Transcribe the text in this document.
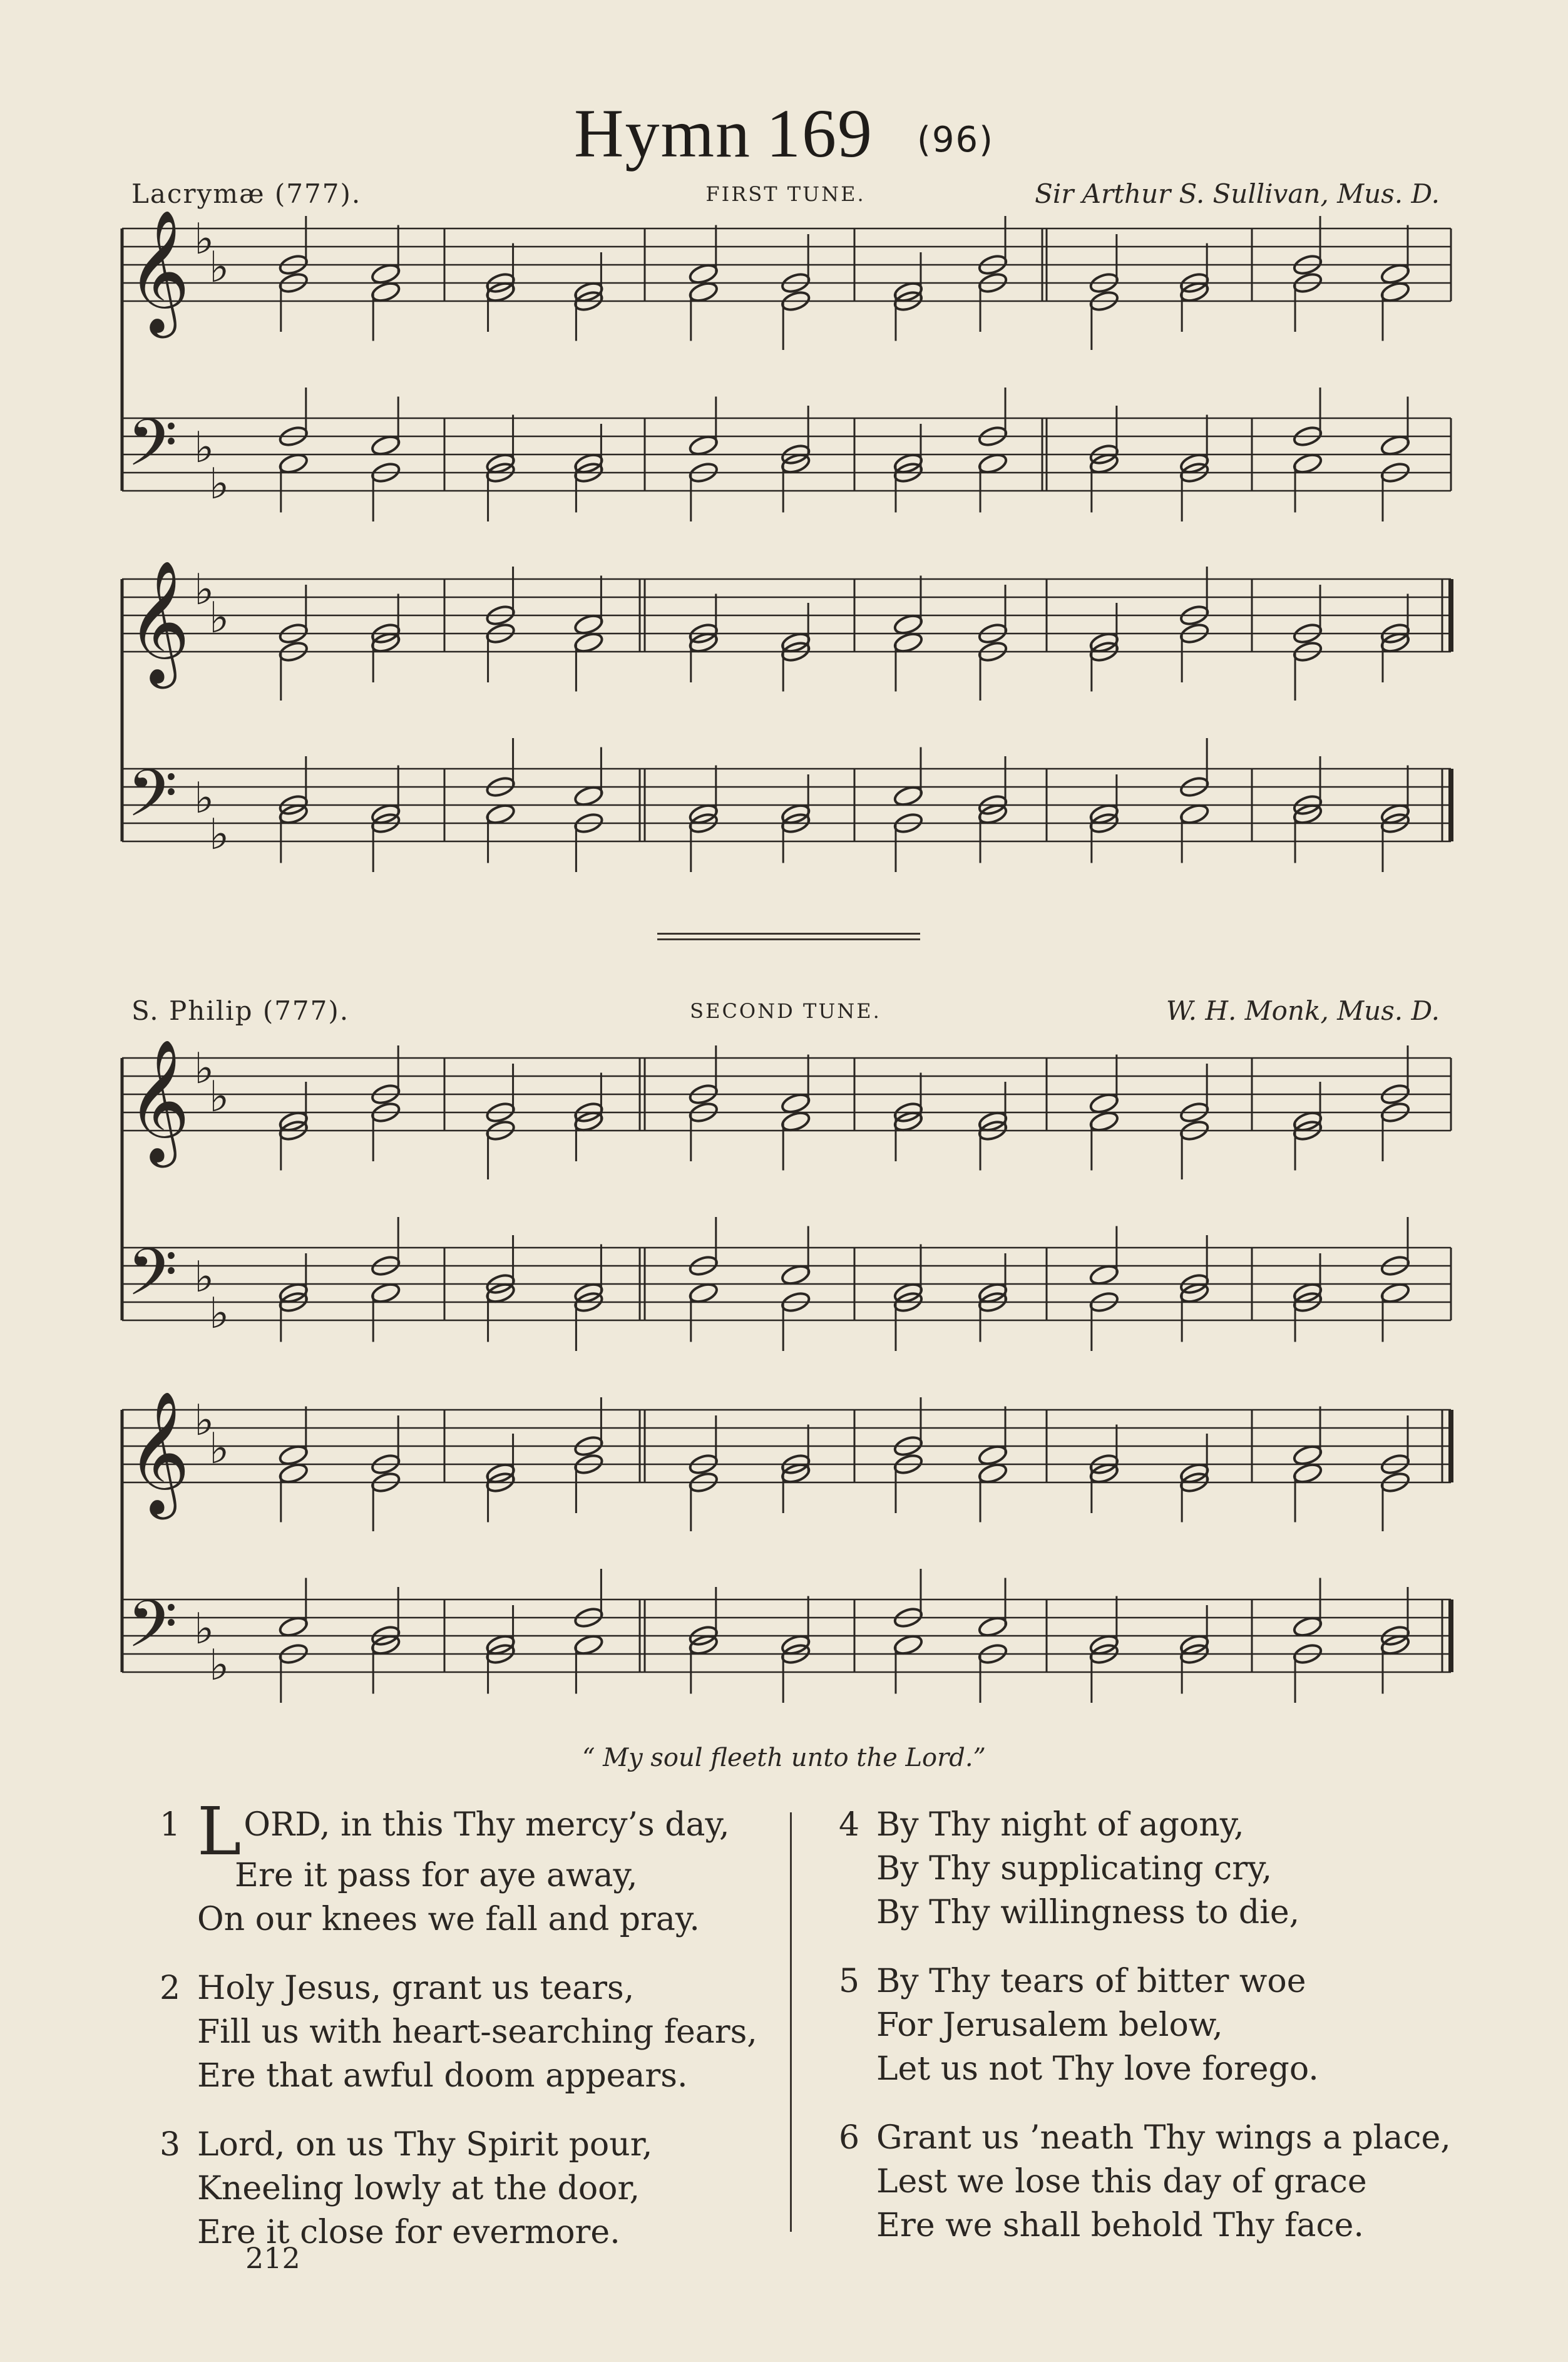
Hymn 169 (96)
Lacrymæ (777).	FIRST TUNE.	Sir Arthur S. Sullivan, Mus. D.
S. Philip (777).	SECOND TUNE.	W. H. Monk, Mus. D.
𝄞
𝄢
♭
♭
♭
♭
𝄞
𝄢
♭
♭
♭
♭
𝄞
𝄢
♭
♭
♭
♭
𝄞
𝄢
♭
♭
♭
♭
“ My soul fleeth unto the Lord.”
1 LORD, in this Thy mercy’s day,
Ere it pass for aye away,
On our knees we fall and pray.
2 Holy Jesus, grant us tears,
Fill us with heart-searching fears,
Ere that awful doom appears.
3 Lord, on us Thy Spirit pour,
Kneeling lowly at the door,
Ere it close for evermore.
4 By Thy night of agony,
By Thy supplicating cry,
By Thy willingness to die,
5 By Thy tears of bitter woe
For Jerusalem below,
Let us not Thy love forego.
6 Grant us ’neath Thy wings a place,
Lest we lose this day of grace
Ere we shall behold Thy face.
212
